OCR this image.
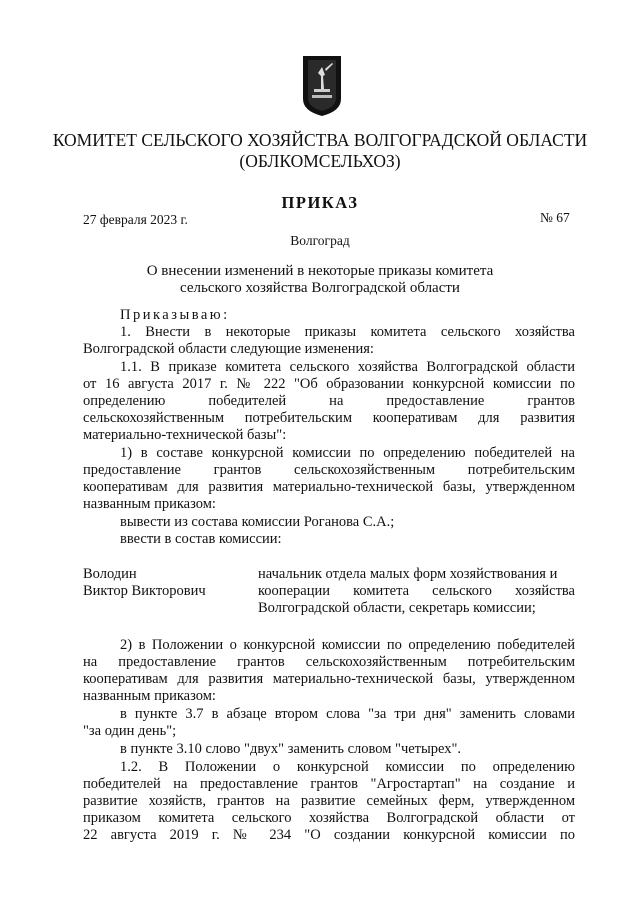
КОМИТЕТ СЕЛЬСКОГО ХОЗЯЙСТВА ВОЛГОГРАДСКОЙ ОБЛАСТИ
(ОБЛКОМСЕЛЬХОЗ)
ПРИКАЗ
27 февраля 2023 г.	№ 67
Волгоград
О внесении изменений в некоторые приказы комитета
сельского хозяйства Волгоградской области
Приказываю:
1. Внести в некоторые приказы комитета сельского хозяйства
Волгоградской области следующие изменения:
1.1. В приказе комитета сельского хозяйства Волгоградской области
от 16 августа 2017 г. № 222 "Об образовании конкурсной комиссии по
определению победителей на предоставление грантов
сельскохозяйственным потребительским кооперативам для развития
материально-технической базы":
1) в составе конкурсной комиссии по определению победителей на
предоставление грантов сельскохозяйственным потребительским
кооперативам для развития материально-технической базы, утвержденном
названным приказом:
вывести из состава комиссии Роганова С.А.;
ввести в состав комиссии:
Володин
Виктор Викторович
начальник отдела малых форм хозяйствования и
кооперации комитета сельского хозяйства
Волгоградской области, секретарь комиссии;
2) в Положении о конкурсной комиссии по определению победителей
на предоставление грантов сельскохозяйственным потребительским
кооперативам для развития материально-технической базы, утвержденном
названным приказом:
в пункте 3.7 в абзаце втором слова "за три дня" заменить словами
"за один день";
в пункте 3.10 слово "двух" заменить словом "четырех".
1.2. В Положении о конкурсной комиссии по определению
победителей на предоставление грантов "Агростартап" на создание и
развитие хозяйств, грантов на развитие семейных ферм, утвержденном
приказом комитета сельского хозяйства Волгоградской области от
22 августа 2019 г. № 234 "О создании конкурсной комиссии по
